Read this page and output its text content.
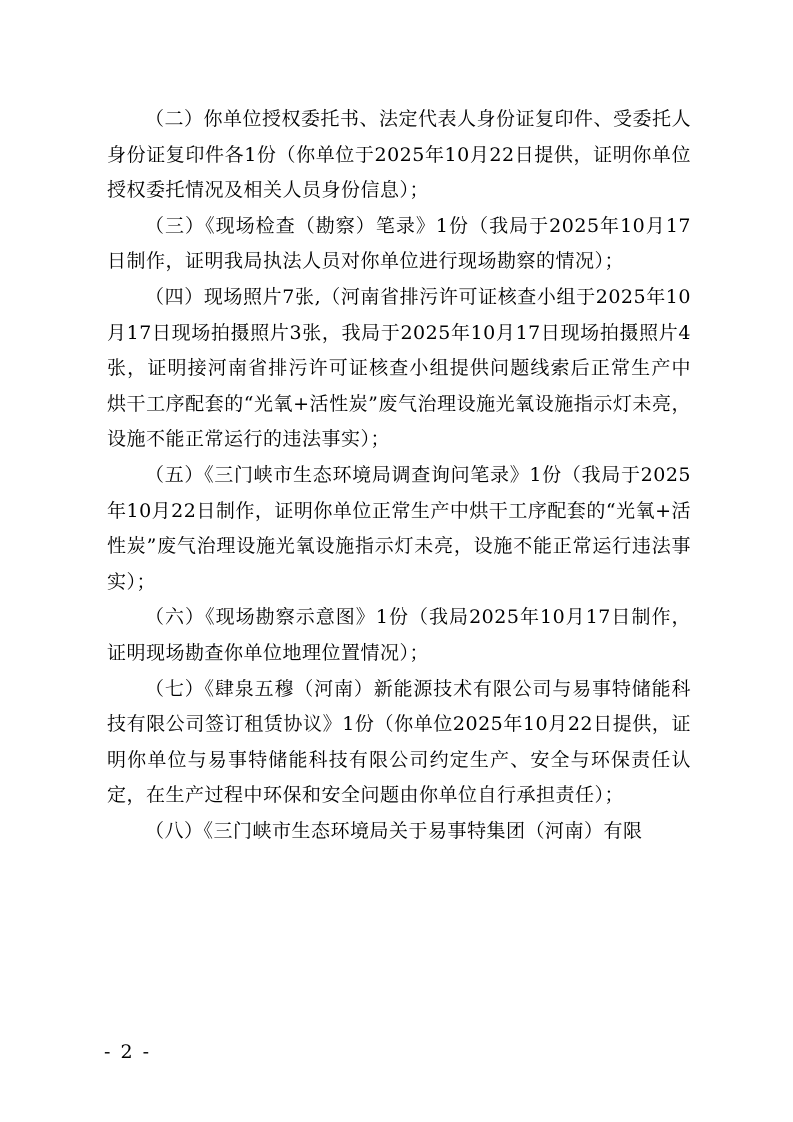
（二）你单位授权委托书、法定代表人身份证复印件、受委托人身份证复印件各1份（你单位于2025年10月22日提供，证明你单位授权委托情况及相关人员身份信息）；

（三）《现场检查（勘察）笔录》1份（我局于2025年10月17日制作，证明我局执法人员对你单位进行现场勘察的情况）；

（四）现场照片7张,（河南省排污许可证核查小组于2025年10月17日现场拍摄照片3张，我局于2025年10月17日现场拍摄照片4张，证明接河南省排污许可证核查小组提供问题线索后正常生产中烘干工序配套的“光氧+活性炭”废气治理设施光氧设施指示灯未亮，设施不能正常运行的违法事实）；

（五）《三门峡市生态环境局调查询问笔录》1份（我局于2025年10月22日制作，证明你单位正常生产中烘干工序配套的“光氧+活性炭”废气治理设施光氧设施指示灯未亮，设施不能正常运行违法事实）；

（六）《现场勘察示意图》1份（我局2025年10月17日制作，证明现场勘查你单位地理位置情况）；

（七）《肆泉五穆（河南）新能源技术有限公司与易事特储能科技有限公司签订租赁协议》1份（你单位2025年10月22日提供，证明你单位与易事特储能科技有限公司约定生产、安全与环保责任认定，在生产过程中环保和安全问题由你单位自行承担责任）；

（八）《三门峡市生态环境局关于易事特集团（河南）有限

- 2 -
